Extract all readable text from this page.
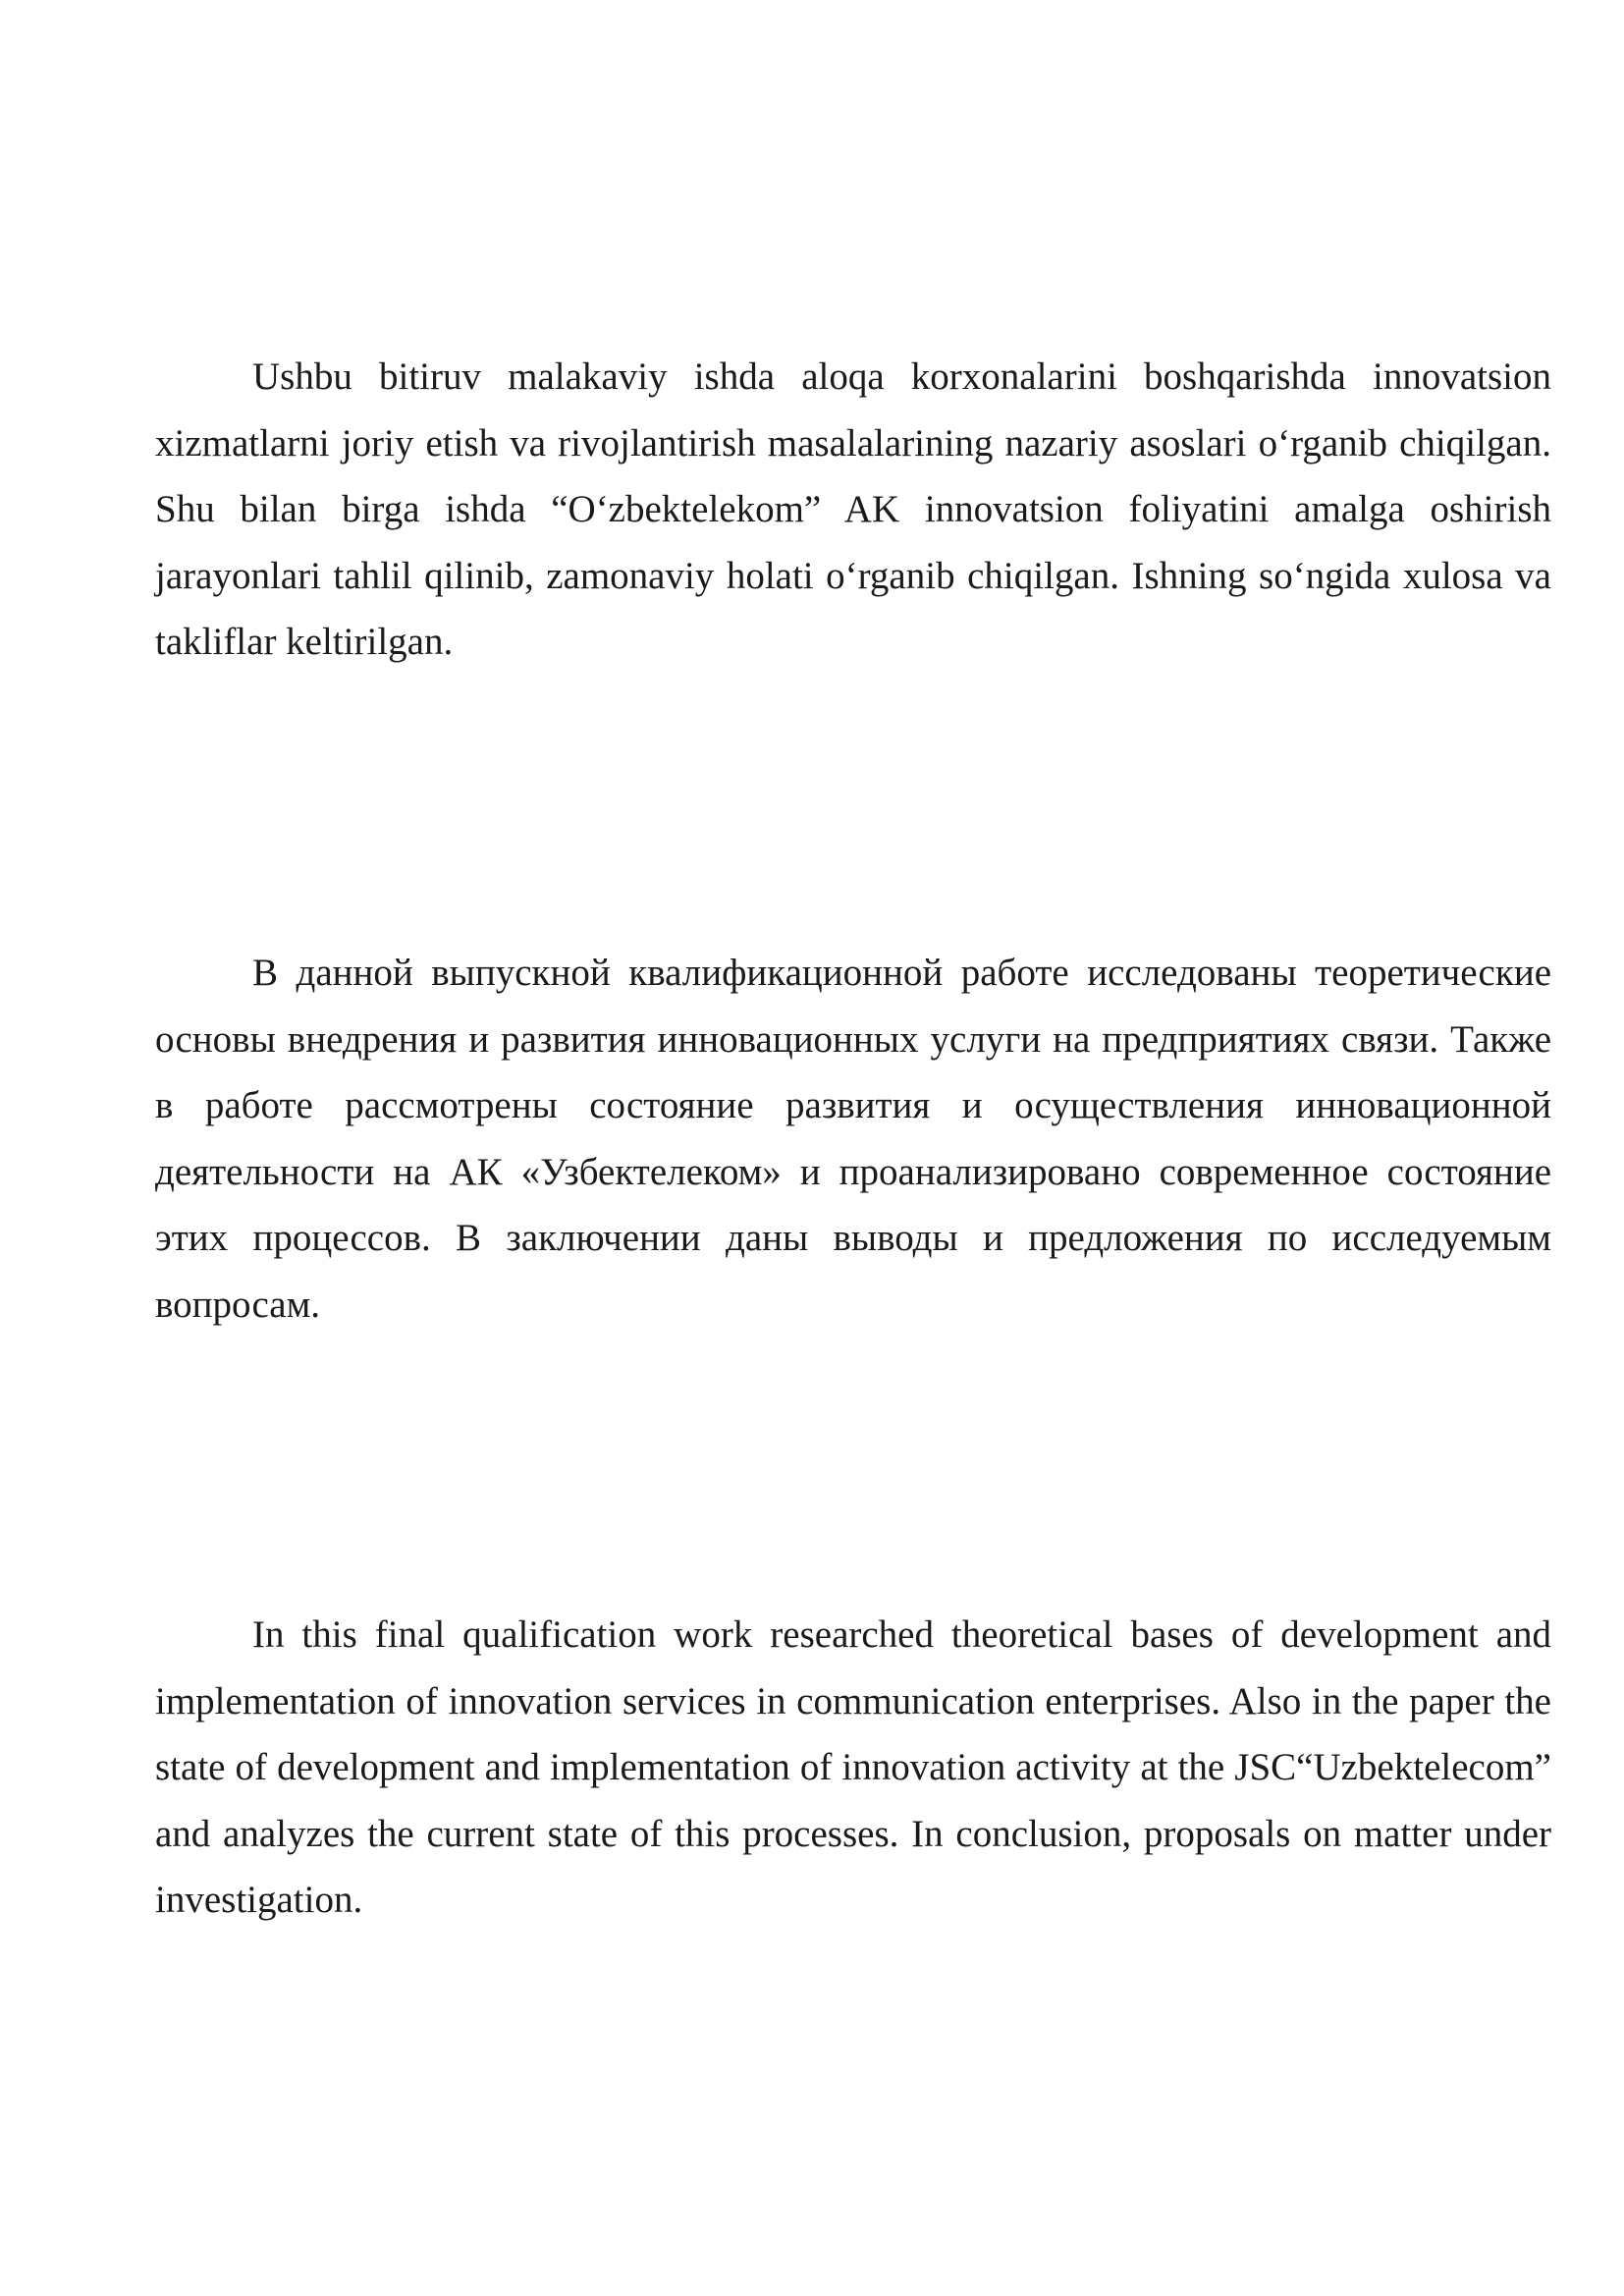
Ushbu bitiruv malakaviy ishda aloqa korxonalarini boshqarishda innovatsion xizmatlarni joriy etish va rivojlantirish masalalarining nazariy asoslari o‘rganib chiqilgan. Shu bilan birga ishda “O‘zbektelekom” AK innovatsion foliyatini amalga oshirish jarayonlari tahlil qilinib, zamonaviy holati o‘rganib chiqilgan. Ishning so‘ngida xulosa va takliflar keltirilgan.

В данной выпускной квалификационной работе исследованы теоретические основы внедрения и развития инновационных услуги на предприятиях связи. Также в работе рассмотрены состояние развития и осуществления инновационной деятельности на АК «Узбектелеком» и проанализировано современное состояние этих процессов. В заключении даны выводы и предложения по исследуемым вопросам.

In this final qualification work researched theoretical bases of development and implementation of innovation services in communication enterprises. Also in the paper the state of development and implementation of innovation activity at the JSC“Uzbektelecom” and analyzes the current state of this processes. In conclusion, proposals on matter under investigation.
